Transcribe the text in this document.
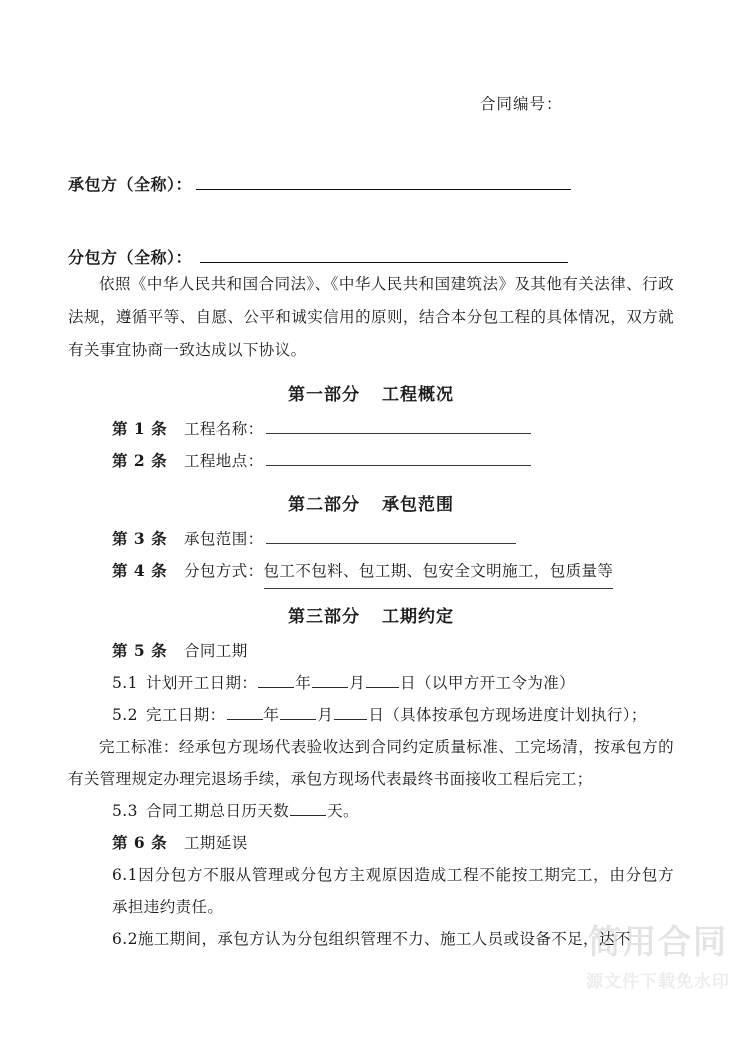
简用合同
源文件下载免水印
合同编号：
承包方（全称）：
分包方（全称）：

依照《中华人民共和国合同法》、《中华人民共和国建筑法》及其他有关法律、行政法规，遵循平等、自愿、公平和诚实信用的原则，结合本分包工程的具体情况，双方就有关事宜协商一致达成以下协议。

第一部分 工程概况
第 1 条	工程名称：
第 2 条	工程地点：
第二部分 承包范围
第 3 条	承包范围：
第 4 条	分包方式： 包工不包料、包工期、包安全文明施工，包质量等
第三部分 工期约定
第 5 条	合同工期
5.1 计划开工日期： 年 月 日（以甲方开工令为准）
5.2 完工日期： 年 月 日（具体按承包方现场进度计划执行）；

完工标准：经承包方现场代表验收达到合同约定质量标准、工完场清，按承包方的有关管理规定办理完退场手续，承包方现场代表最终书面接收工程后完工；

5.3 合同工期总日历天数 天。
第 6 条	工期延误

6.1因分包方不服从管理或分包方主观原因造成工程不能按工期完工，由分包方承担违约责任。

6.2施工期间，承包方认为分包组织管理不力、施工人员或设备不足，达不
